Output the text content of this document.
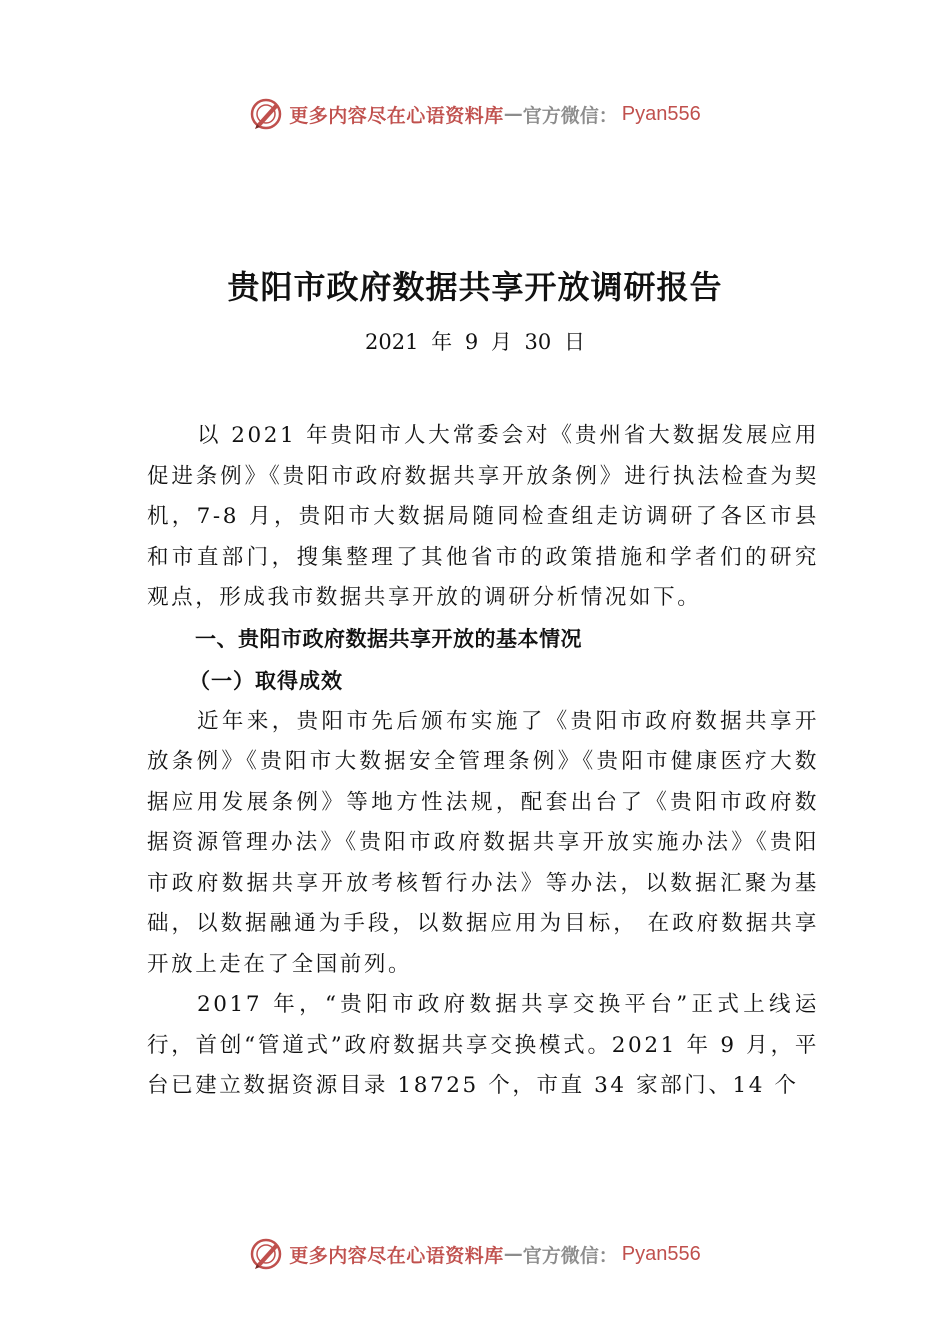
更多内容尽在心语资料库 — 官方微信： Pyan556
贵阳市政府数据共享开放调研报告
2021 年 9 月 30 日

以 2021 年贵阳市人大常委会对《贵州省大数据发展应用促进条例》《贵阳市政府数据共享开放条例》进行执法检查为契机，7-8 月，贵阳市大数据局随同检查组走访调研了各区市县和市直部门，搜集整理了其他省市的政策措施和学者们的研究观点，形成我市数据共享开放的调研分析情况如下。

一、贵阳市政府数据共享开放的基本情况
（一）取得成效

近年来，贵阳市先后颁布实施了《贵阳市政府数据共享开放条例》《贵阳市大数据安全管理条例》《贵阳市健康医疗大数据应用发展条例》等地方性法规，配套出台了《贵阳市政府数据资源管理办法》《贵阳市政府数据共享开放实施办法》《贵阳市政府数据共享开放考核暂行办法》等办法，以数据汇聚为基础，以数据融通为手段，以数据应用为目标， 在政府数据共享开放上走在了全国前列。

2017 年，“贵阳市政府数据共享交换平台”正式上线运行，首创“管道式”政府数据共享交换模式。2021 年 9 月，平台已建立数据资源目录 18725 个，市直 34 家部门、14 个

更多内容尽在心语资料库 — 官方微信： Pyan556
